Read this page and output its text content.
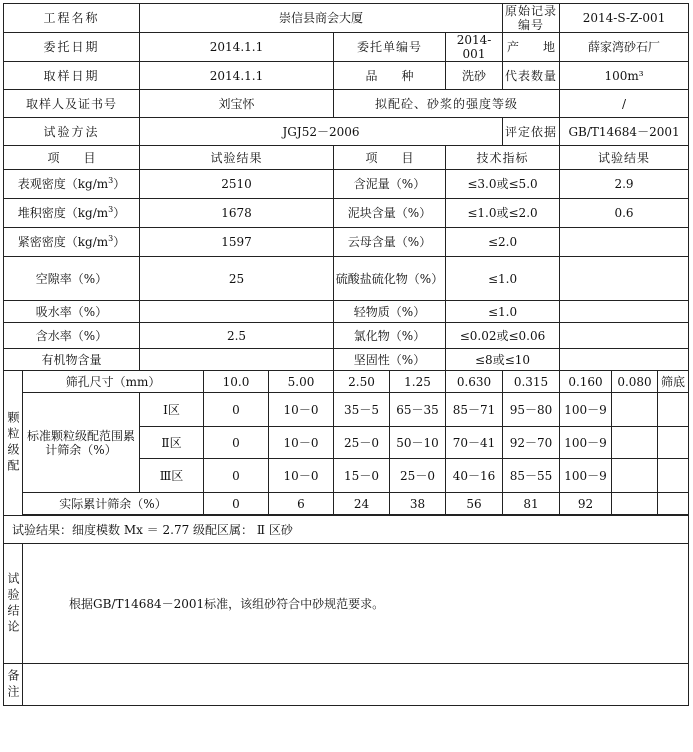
工程名称		崇信县商会大厦						原始记录编号	2014-S-Z-001		
委托日期		2014.1.1			委托单编号		2014-001	产　　地	薛家湾砂石厂		
取样日期		2014.1.1			品　　种		洗砂	代表数量	100m³		
取样人及证书号		刘宝怀			拟配砼、砂浆的强度等级				/		
试验方法		JGJ52－2006						评定依据	GB/T14684－2001		
项　　目		试验结果			项　　目		技术指标		试验结果		
表观密度$(kg/m^3)$		2510			含泥量（%）		≤3.0或≤5.0		2.9		
堆积密度$(kg/m^3)$		1678			泥块含量（%）		≤1.0或≤2.0		0.6		
紧密密度$(kg/m^3)$		1597			云母含量（%）		≤2.0				
空隙率（%）		25			硫酸盐硫化物（%）		≤1.0				
吸水率（%）					轻物质（%）		≤1.0				
含水率（%）		2.5			氯化物（%）		≤0.02或≤0.06				
有机物含量					坚固性（%）		≤8或≤10				
颗粒级配	筛孔尺寸（mm）		10.0	5.00	2.50	1.25	0.630	0.315	0.160	0.080	筛底
	标准颗粒级配范围累计筛余（%）	Ⅰ区	0	10－0	35－5	65－35	85－71	95－80	100－9		
		Ⅱ区	0	10－0	25－0	50－10	70－41	92－70	100－9		
		Ⅲ区	0	10－0	15－0	25－0	40－16	85－55	100－9		
	实际累计筛余（%）		0	6	24	38	56	81	92		

试验结果：细度模数 Mx ＝ 2.77 级配区属： Ⅱ 区砂											
试验结论	根据GB/T14684－2001标准，该组砂符合中砂规范要求。										
备注											
